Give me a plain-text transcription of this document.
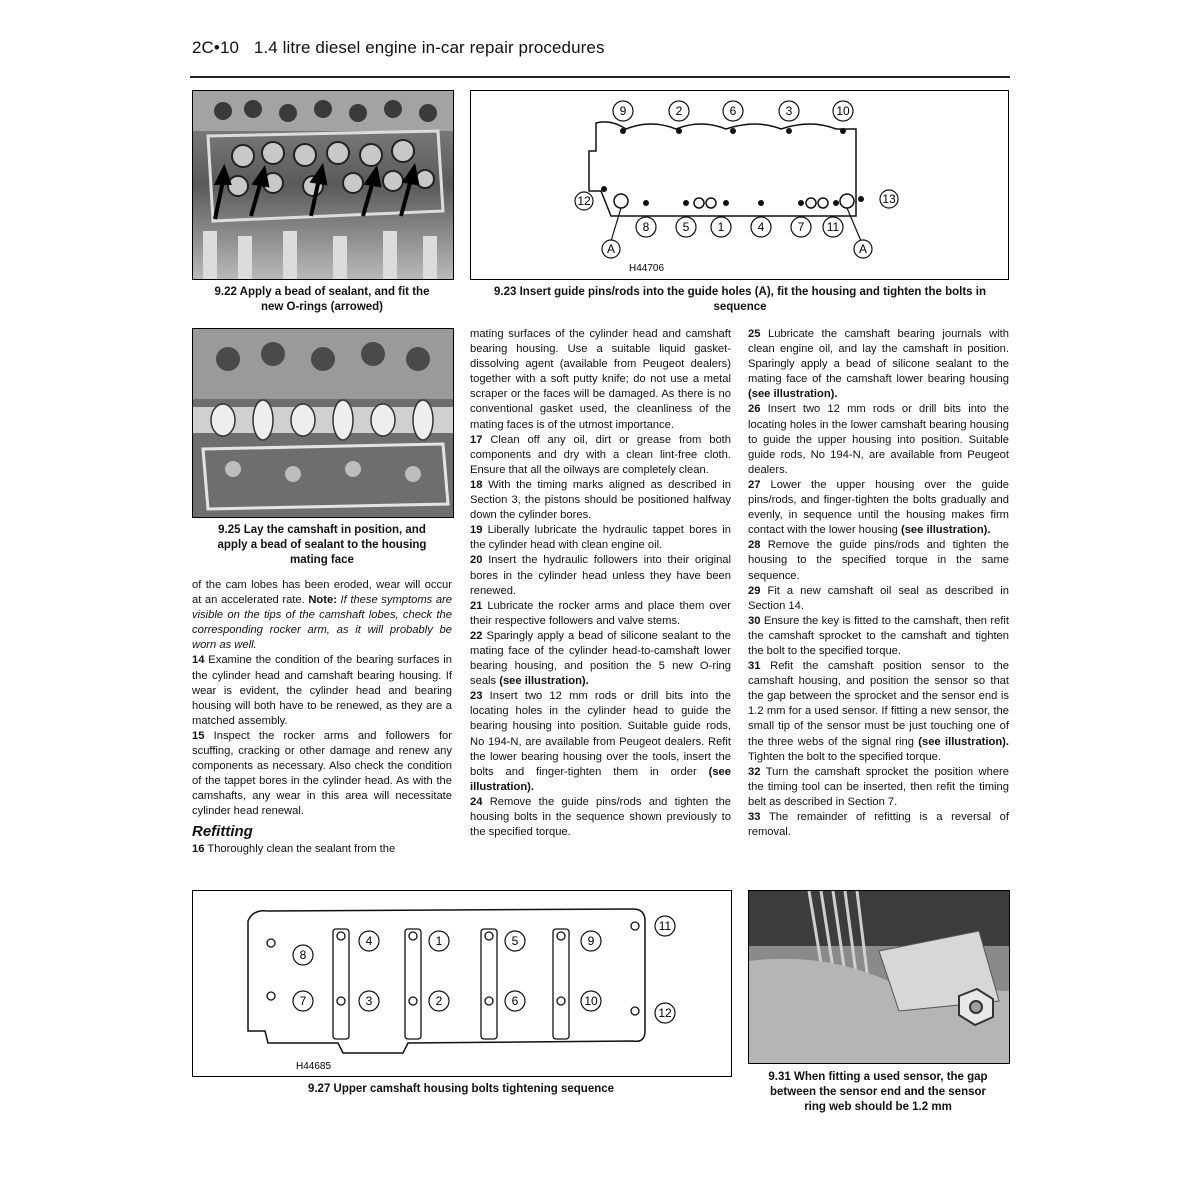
2C•10 1.4 litre diesel engine in-car repair procedures
9.22 Apply a bead of sealant, and fit the
new O-rings (arrowed)
9	2	6	3	10
8	5 1	4	7 11
12	13
A	A
H44706
9.23 Insert guide pins/rods into the guide holes (A), fit the housing and tighten the bolts in
sequence
9.25 Lay the camshaft in position, and
apply a bead of sealant to the housing
mating face

of the cam lobes has been eroded, wear will occur at an accelerated rate. Note: If these symptoms are visible on the tips of the camshaft lobes, check the corresponding rocker arm, as it will probably be worn as well.

14 Examine the condition of the bearing surfaces in the cylinder head and camshaft bearing housing. If wear is evident, the cylinder head and bearing housing will both have to be renewed, as they are a matched assembly.

15 Inspect the rocker arms and followers for scuffing, cracking or other damage and renew any components as necessary. Also check the condition of the tappet bores in the cylinder head. As with the camshafts, any wear in this area will necessitate cylinder head renewal.

Refitting

16 Thoroughly clean the sealant from the

mating surfaces of the cylinder head and camshaft bearing housing. Use a suitable liquid gasket-dissolving agent (available from Peugeot dealers) together with a soft putty knife; do not use a metal scraper or the faces will be damaged. As there is no conventional gasket used, the cleanliness of the mating faces is of the utmost importance.

17 Clean off any oil, dirt or grease from both components and dry with a clean lint-free cloth. Ensure that all the oilways are completely clean.

18 With the timing marks aligned as described in Section 3, the pistons should be positioned halfway down the cylinder bores.

19 Liberally lubricate the hydraulic tappet bores in the cylinder head with clean engine oil.

20 Insert the hydraulic followers into their original bores in the cylinder head unless they have been renewed.

21 Lubricate the rocker arms and place them over their respective followers and valve stems.

22 Sparingly apply a bead of silicone sealant to the mating face of the cylinder head-to-camshaft lower bearing housing, and position the 5 new O-ring seals (see illustration).

23 Insert two 12 mm rods or drill bits into the locating holes in the cylinder head to guide the bearing housing into position. Suitable guide rods, No 194-N, are available from Peugeot dealers. Refit the lower bearing housing over the tools, insert the bolts and finger-tighten them in order (see illustration).

24 Remove the guide pins/rods and tighten the housing bolts in the sequence shown previously to the specified torque.

25 Lubricate the camshaft bearing journals with clean engine oil, and lay the camshaft in position. Sparingly apply a bead of silicone sealant to the mating face of the camshaft lower bearing housing (see illustration).

26 Insert two 12 mm rods or drill bits into the locating holes in the lower camshaft bearing housing to guide the upper housing into position. Suitable guide rods, No 194-N, are available from Peugeot dealers.

27 Lower the upper housing over the guide pins/rods, and finger-tighten the bolts gradually and evenly, in sequence until the housing makes firm contact with the lower housing (see illustration).

28 Remove the guide pins/rods and tighten the housing to the specified torque in the same sequence.

29 Fit a new camshaft oil seal as described in Section 14.

30 Ensure the key is fitted to the camshaft, then refit the camshaft sprocket to the camshaft and tighten the bolt to the specified torque.

31 Refit the camshaft position sensor to the camshaft housing, and position the sensor so that the gap between the sprocket and the sensor end is 1.2 mm for a used sensor. If fitting a new sensor, the small tip of the sensor must be just touching one of the three webs of the signal ring (see illustration). Tighten the bolt to the specified torque.

32 Turn the camshaft sprocket the position where the timing tool can be inserted, then refit the timing belt as described in Section 7.

33 The remainder of refitting is a reversal of removal.

8
4	1	5	9
7	3	2	6	10
11
12
H44685
9.27 Upper camshaft housing bolts tightening sequence
9.31 When fitting a used sensor, the gap
between the sensor end and the sensor
ring web should be 1.2 mm
